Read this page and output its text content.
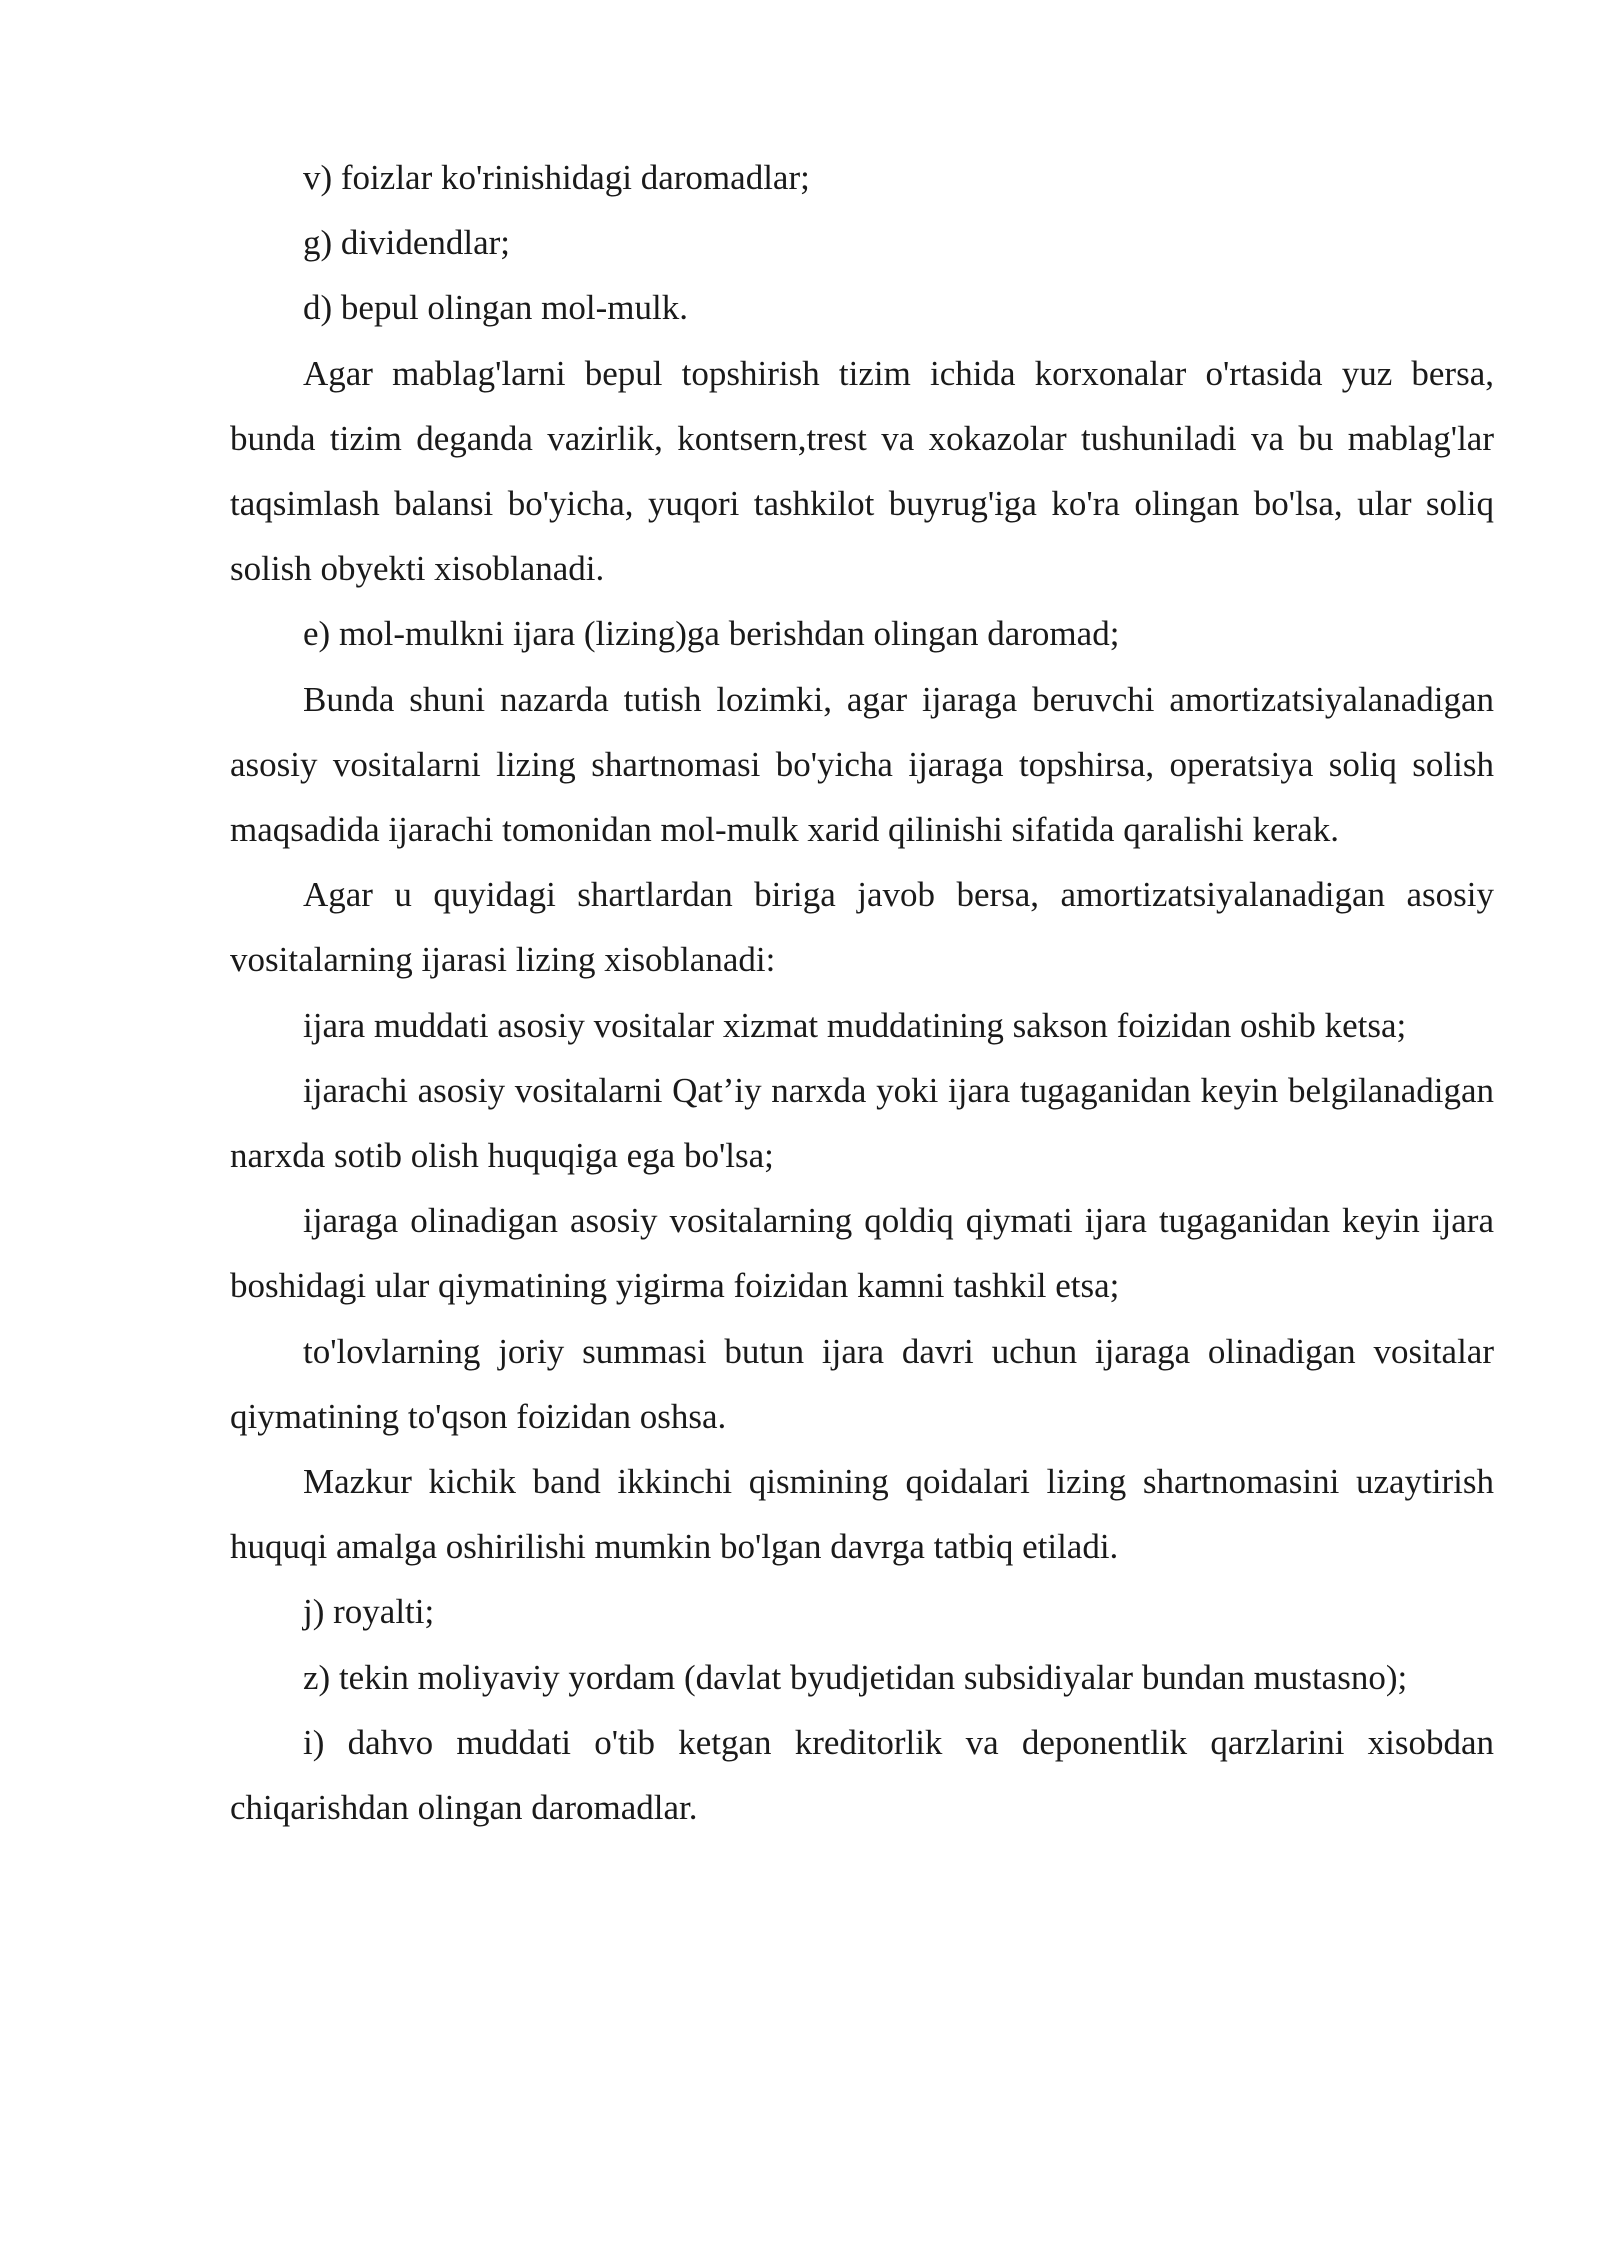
v) foizlar ko'rinishidagi daromadlar;

g) dividendlar;

d) bepul olingan mol-mulk.

Agar mablag'larni bepul topshirish tizim ichida korxonalar o'rtasida yuz bersa, bunda tizim deganda vazirlik, kontsern,trest va xokazolar tushuniladi va bu mablag'lar taqsimlash balansi bo'yicha, yuqori tashkilot buyrug'iga ko'ra olingan bo'lsa, ular soliq solish obyekti xisoblanadi.

e) mol-mulkni ijara (lizing)ga berishdan olingan daromad;

Bunda shuni nazarda tutish lozimki, agar ijaraga beruvchi amortizatsiyalanadigan asosiy vositalarni lizing shartnomasi bo'yicha ijaraga topshirsa, operatsiya soliq solish maqsadida ijarachi tomonidan mol-mulk xarid qilinishi sifatida qaralishi kerak.

Agar u quyidagi shartlardan biriga javob bersa, amortizatsiyalanadigan asosiy vositalarning ijarasi lizing xisoblanadi:

ijara muddati asosiy vositalar xizmat muddatining sakson foizidan oshib ketsa;

ijarachi asosiy vositalarni Qat’iy narxda yoki ijara tugaganidan keyin belgilanadigan narxda sotib olish huquqiga ega bo'lsa;

ijaraga olinadigan asosiy vositalarning qoldiq qiymati ijara tugaganidan keyin ijara boshidagi ular qiymatining yigirma foizidan kamni tashkil etsa;

to'lovlarning joriy summasi butun ijara davri uchun ijaraga olinadigan vositalar qiymatining to'qson foizidan oshsa.

Mazkur kichik band ikkinchi qismining qoidalari lizing shartnomasini uzaytirish huquqi amalga oshirilishi mumkin bo'lgan davrga tatbiq etiladi.

j) royalti;

z) tekin moliyaviy yordam (davlat byudjetidan subsidiyalar bundan mustasno);

i) dahvo muddati o'tib ketgan kreditorlik va deponentlik qarzlarini xisobdan chiqarishdan olingan daromadlar.
